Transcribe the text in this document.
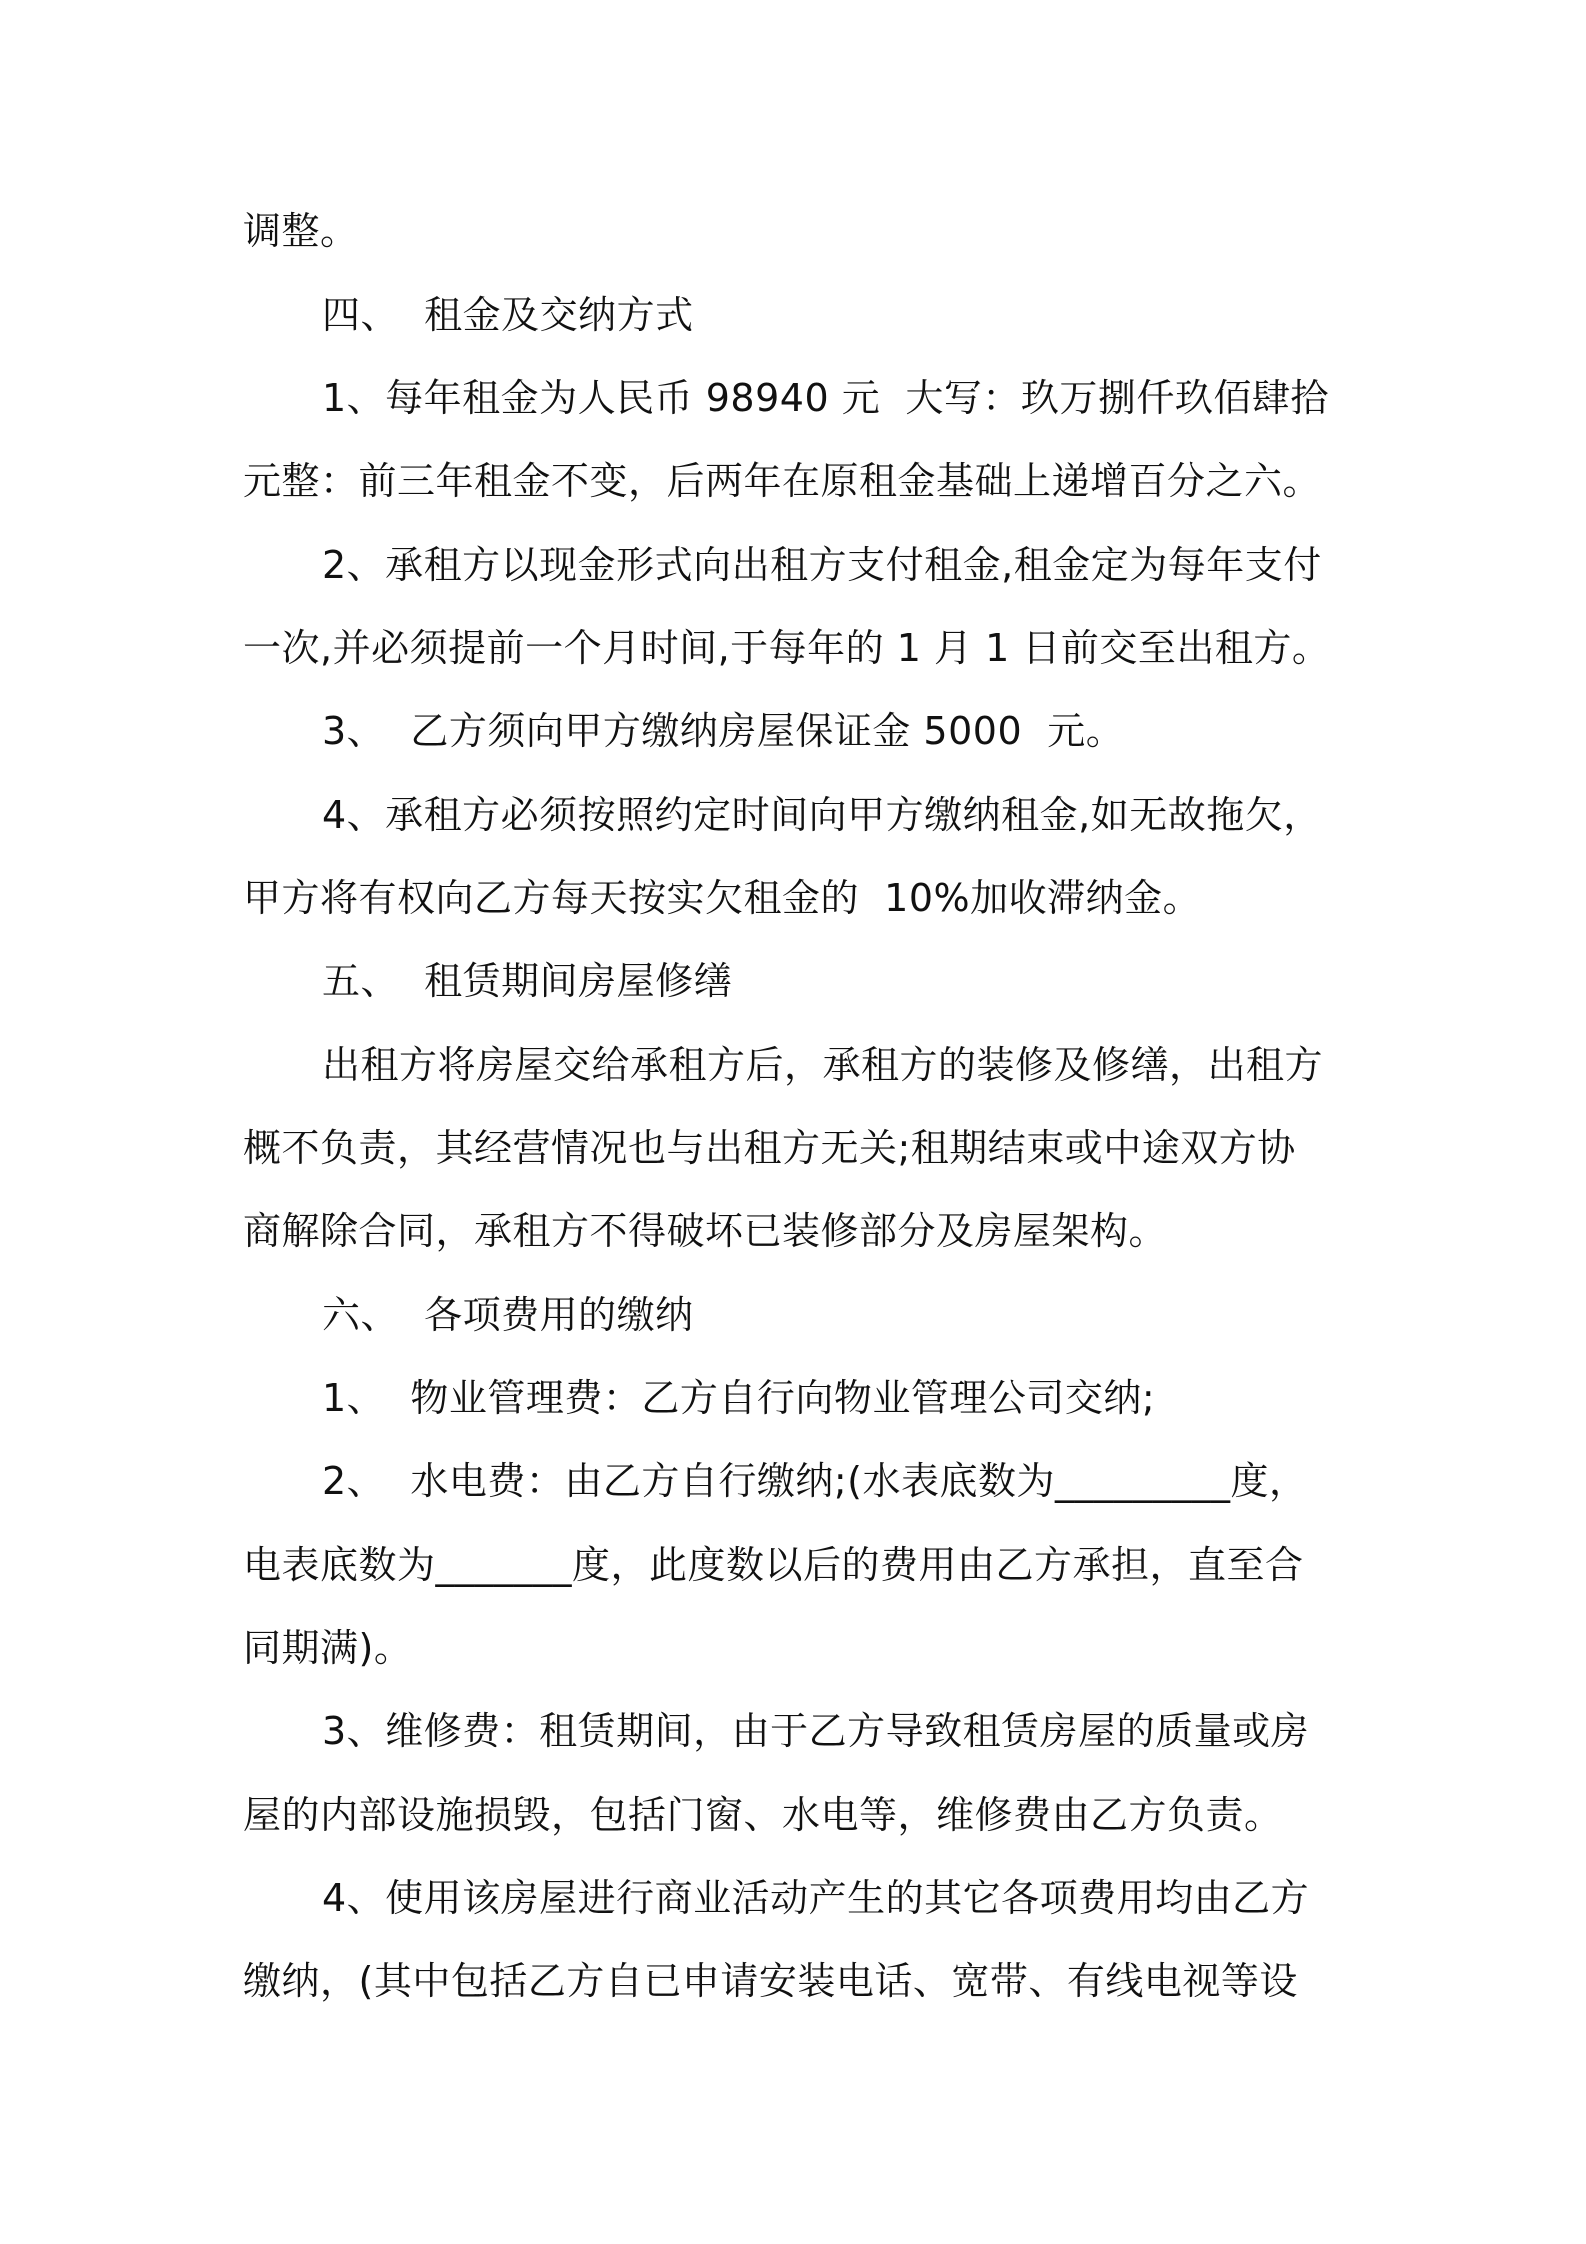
调整。
四、  租金及交纳方式
1、每年租金为人民币 98940 元  大写：玖万捌仟玖佰肆拾
元整：前三年租金不变，后两年在原租金基础上递增百分之六。
2、承租方以现金形式向出租方支付租金,租金定为每年支付
一次,并必须提前一个月时间,于每年的 1 月 1 日前交至出租方。
3、  乙方须向甲方缴纳房屋保证金 5000  元。
4、承租方必须按照约定时间向甲方缴纳租金,如无故拖欠，
甲方将有权向乙方每天按实欠租金的  10%加收滞纳金。
五、  租赁期间房屋修缮
出租方将房屋交给承租方后，承租方的装修及修缮，出租方
概不负责，其经营情况也与出租方无关;租期结束或中途双方协
商解除合同，承租方不得破坏已装修部分及房屋架构。
六、  各项费用的缴纳
1、  物业管理费：乙方自行向物业管理公司交纳;
2、  水电费：由乙方自行缴纳;(水表底数为_________度，
电表底数为_______度，此度数以后的费用由乙方承担，直至合
同期满)。
3、维修费：租赁期间，由于乙方导致租赁房屋的质量或房
屋的内部设施损毁，包括门窗、水电等，维修费由乙方负责。
4、使用该房屋进行商业活动产生的其它各项费用均由乙方
缴纳，(其中包括乙方自已申请安装电话、宽带、有线电视等设
